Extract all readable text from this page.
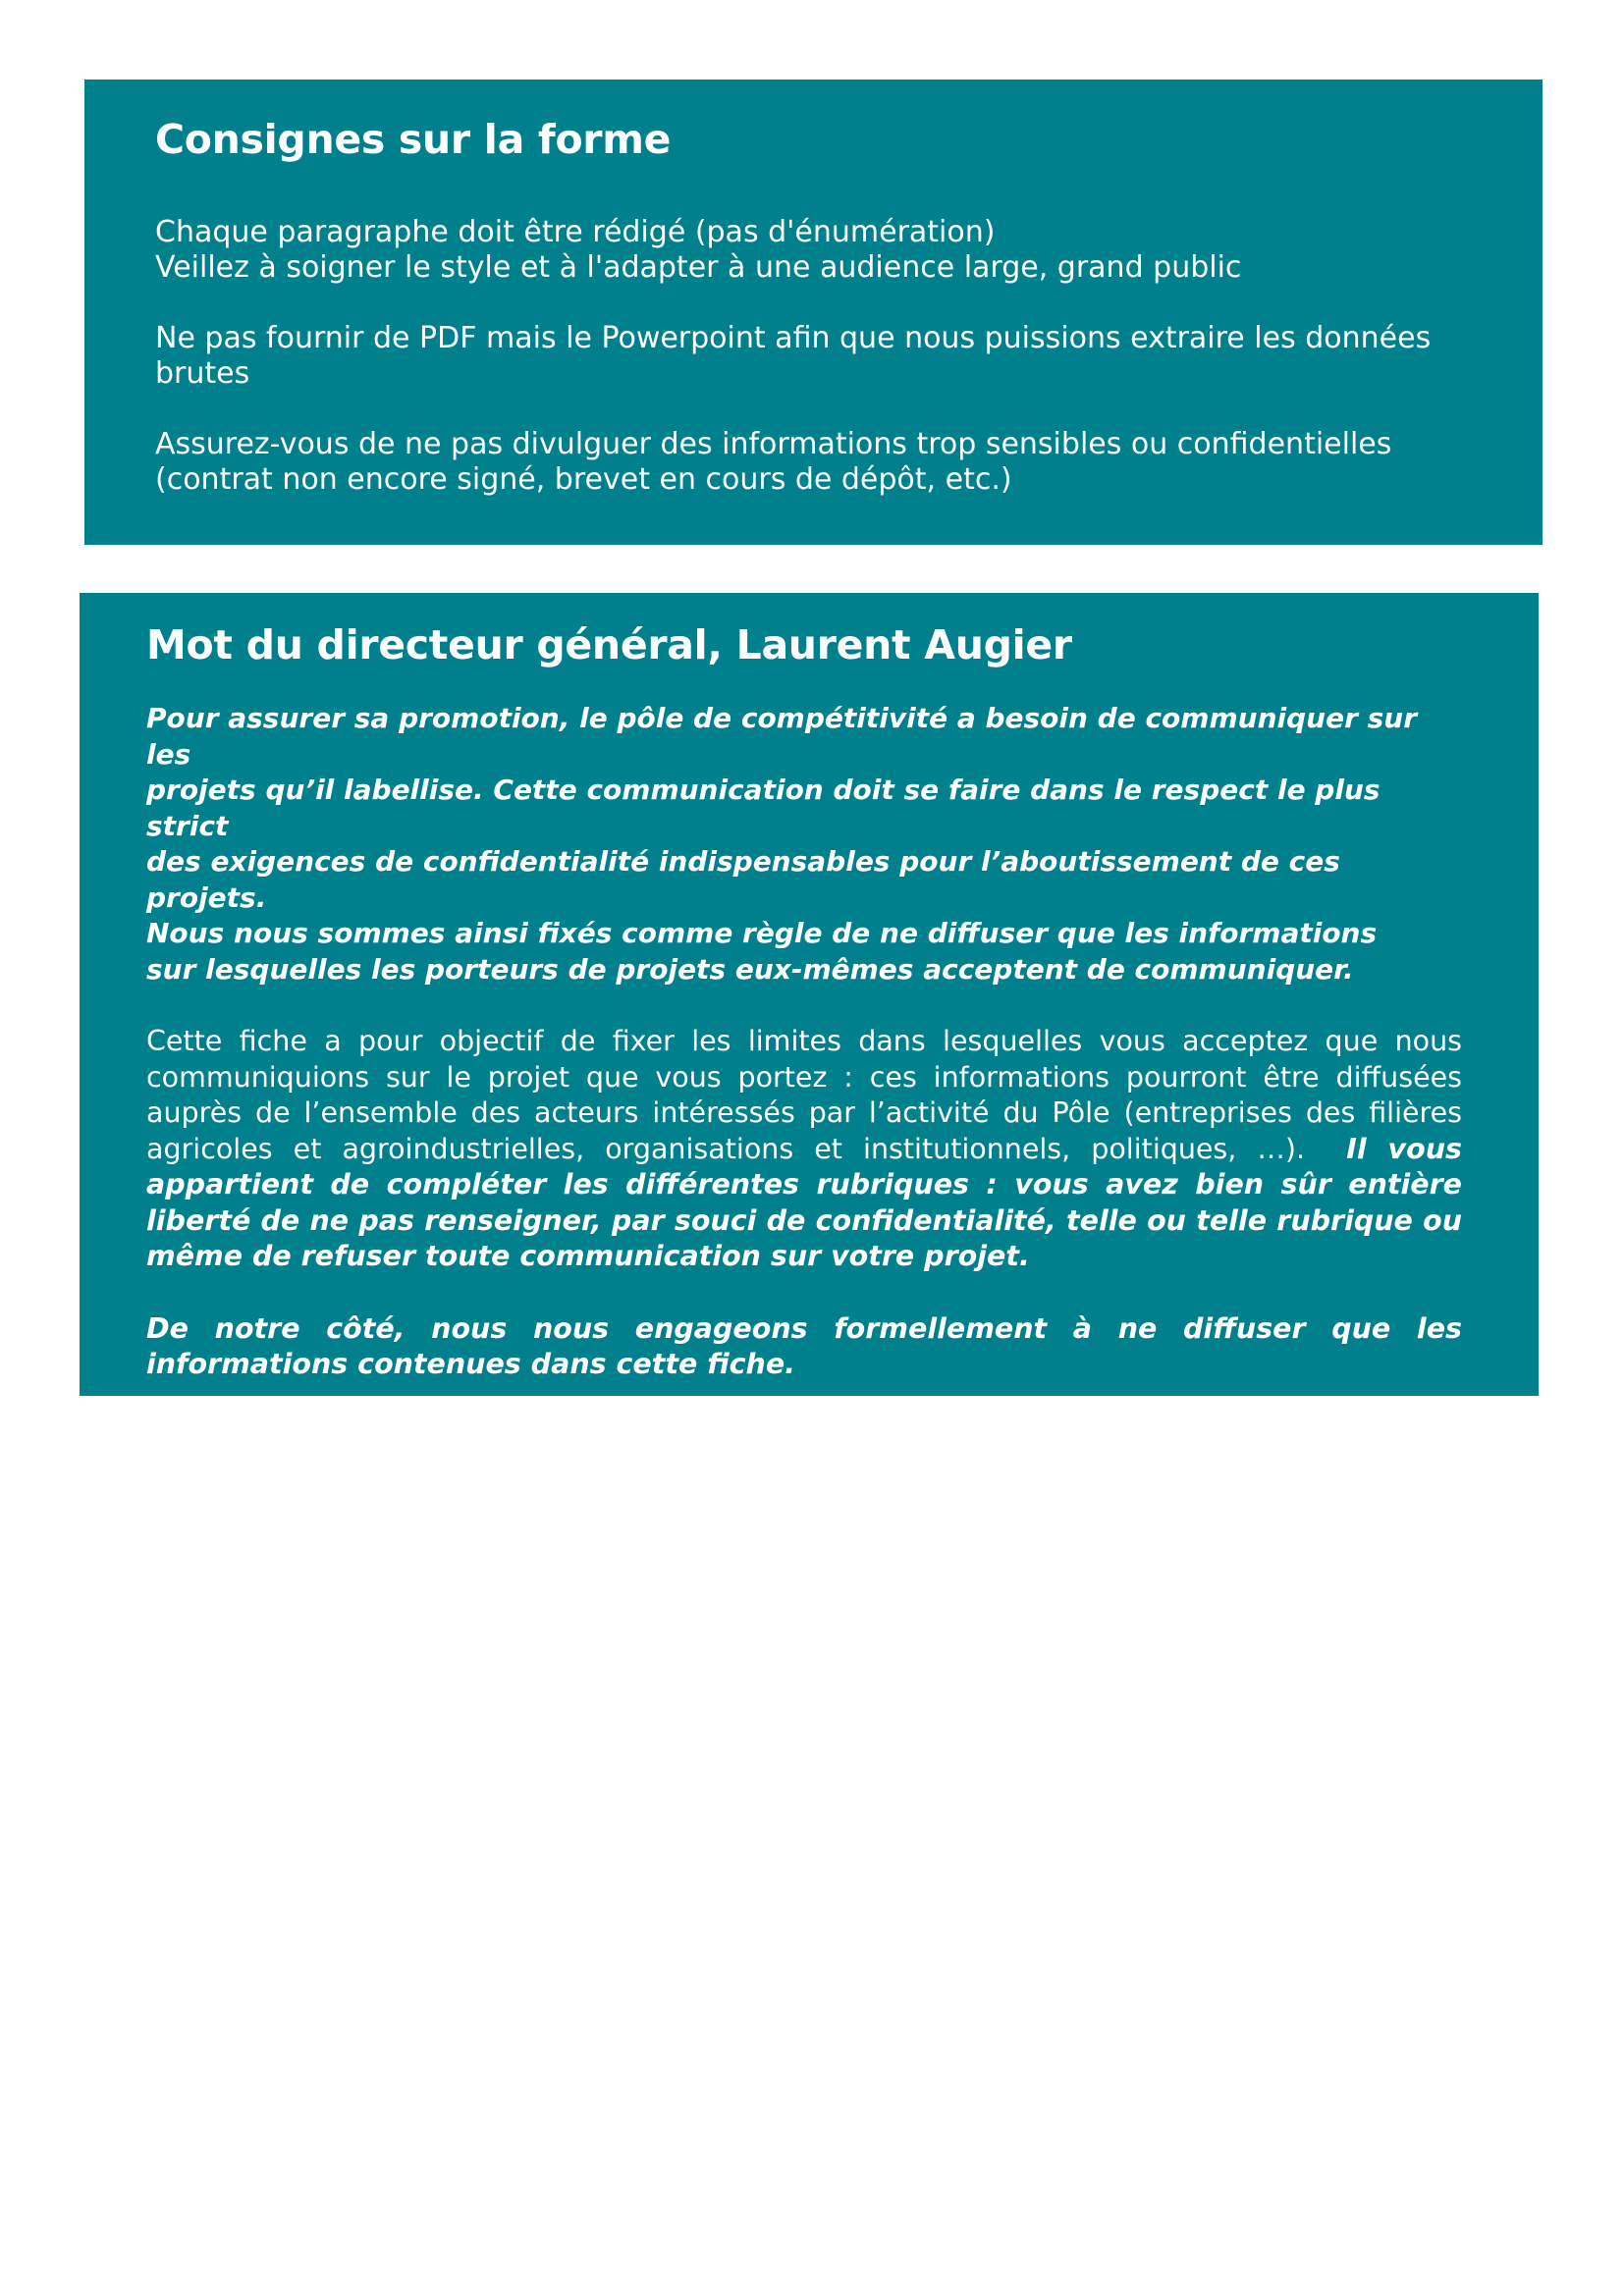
Consignes sur la forme

Chaque paragraphe doit être rédigé (pas d'énumération)
Veillez à soigner le style et à l'adapter à une audience large, grand public

Ne pas fournir de PDF mais le Powerpoint afin que nous puissions extraire les données
brutes

Assurez-vous de ne pas divulguer des informations trop sensibles ou confidentielles
(contrat non encore signé, brevet en cours de dépôt, etc.)

Mot du directeur général, Laurent Augier

Pour assurer sa promotion, le pôle de compétitivité a besoin de communiquer sur les
projets qu’il labellise. Cette communication doit se faire dans le respect le plus strict
des exigences de confidentialité indispensables pour l’aboutissement de ces projets.
Nous nous sommes ainsi fixés comme règle de ne diffuser que les informations
sur lesquelles les porteurs de projets eux-mêmes acceptent de communiquer.

Cette fiche a pour objectif de fixer les limites dans lesquelles vous acceptez que nous communiquions sur le projet que vous portez : ces informations pourront être diffusées auprès de l’ensemble des acteurs intéressés par l’activité du Pôle (entreprises des filières agricoles et agroindustrielles, organisations et institutionnels, politiques, …). Il vous appartient de compléter les différentes rubriques : vous avez bien sûr entière liberté de ne pas renseigner, par souci de confidentialité, telle ou telle rubrique ou même de refuser toute communication sur votre projet.

De notre côté, nous nous engageons formellement à ne diffuser que les informations contenues dans cette fiche.

Merci pour votre collaboration.
